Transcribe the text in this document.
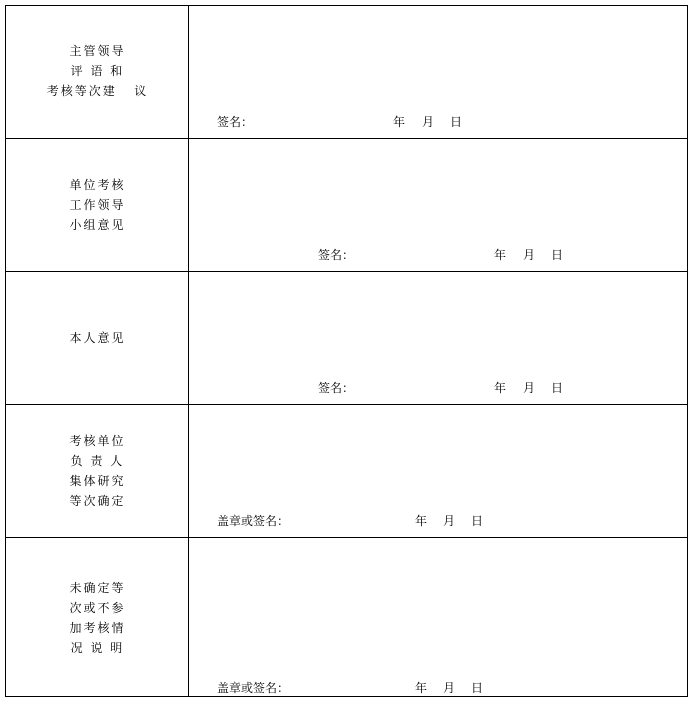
主管领导
评 语 和
考核等次建   议
签名：	年 月 日
单位考核
工作领导
小组意见
签名：	年 月 日
本人意见
签名：	年 月 日
考核单位
负 责 人
集体研究
等次确定
盖章或签名：	年 月 日
未确定等
次或不参
加考核情
况 说 明
盖章或签名：	年 月 日
